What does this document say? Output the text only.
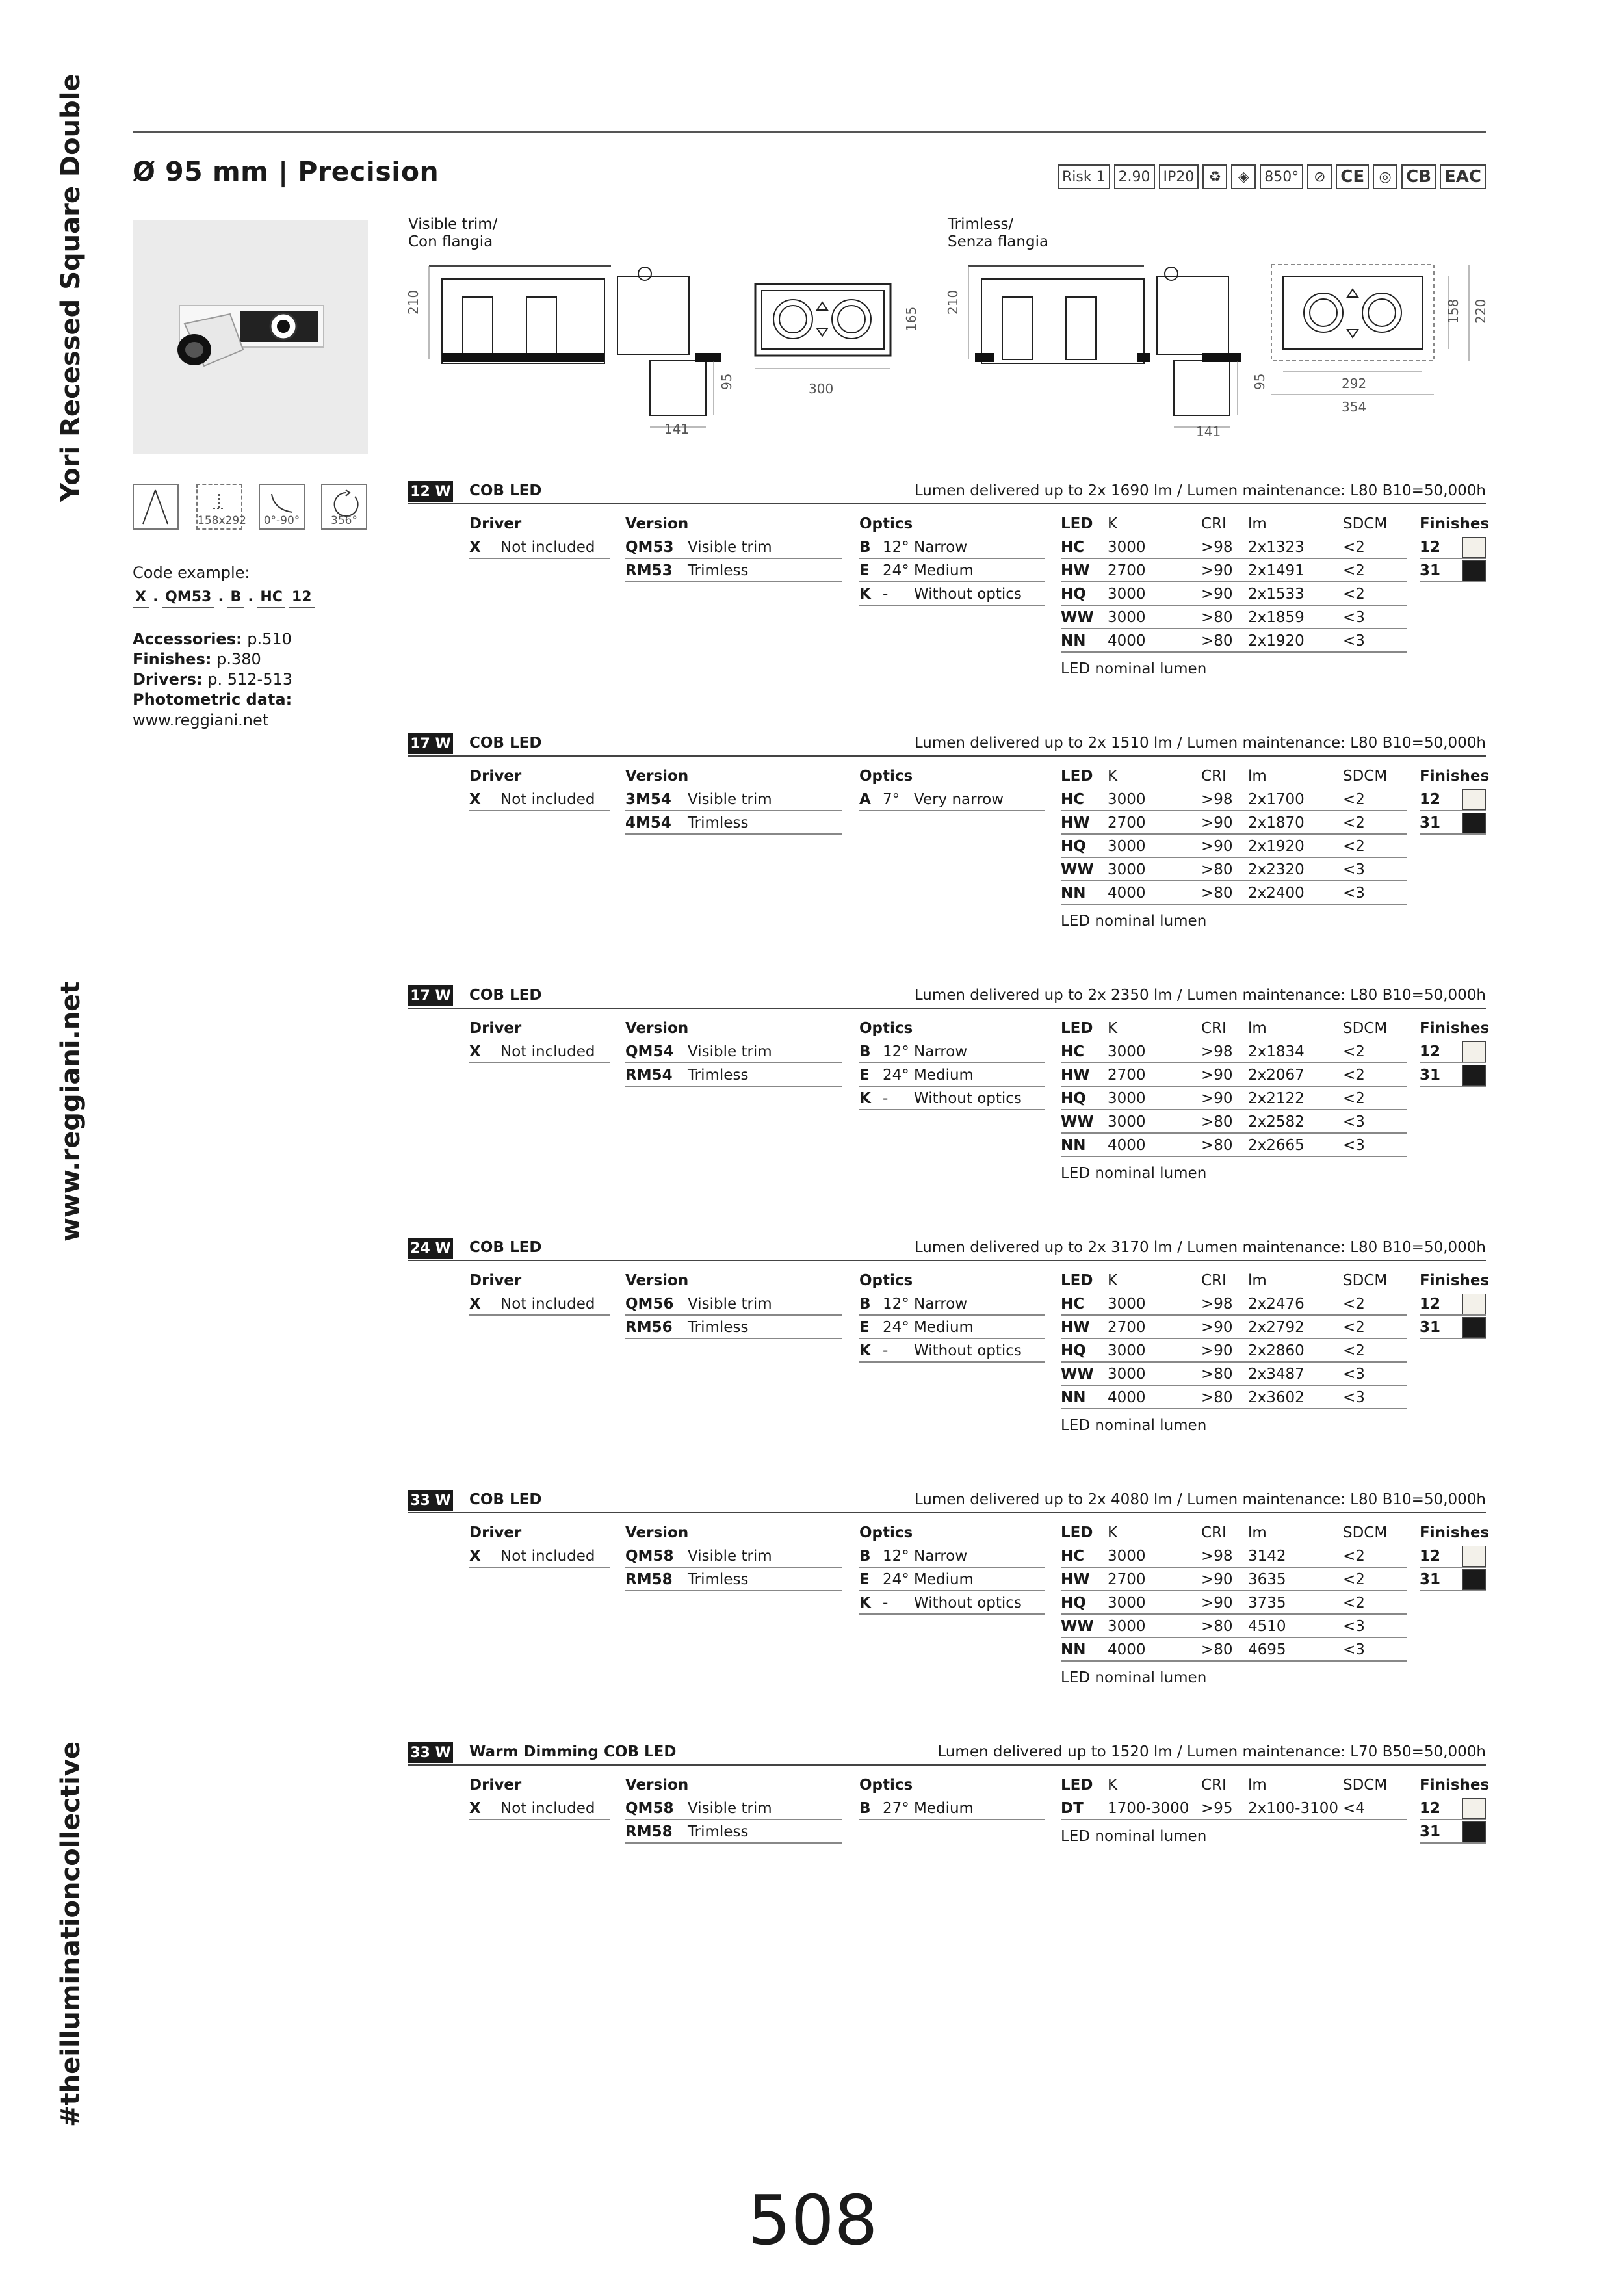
Yori Recessed Square Double
www.reggiani.net
#theilluminationcollective
Ø 95 mm | Precision	Risk 1 2.90 IP20	♻	◈	850°	⊘ CE	◎ CB EAC
158x292	0°-90°	356°
Code example:
X . QM53 . B . HC 12
Accessories: p.510
Finishes: p.380
Drivers: p. 512-513
Photometric data:
www.reggiani.net
Visible trim/
Con flangia
Trimless/
Senza flangia
210
95
141
300
165
210
95
141
292
354
158 220
12 W COB LED	Lumen delivered up to 2x 1690 lm / Lumen maintenance: L80 B10=50,000h
Driver
X Not included
Version
QM53 Visible trim
RM53 Trimless
Optics
B 12° Narrow
E 24° Medium
K - Without optics
LED K	CRI lm	SDCM
HC 3000	>98 2x1323	<2
HW 2700	>90 2x1491	<2
HQ 3000	>90 2x1533	<2
WW 3000	>80 2x1859	<3
NN 4000	>80 2x1920	<3
LED nominal lumen
Finishes
12
31
17 W COB LED	Lumen delivered up to 2x 1510 lm / Lumen maintenance: L80 B10=50,000h
Driver
X Not included
Version
3M54 Visible trim
4M54 Trimless
Optics
A 7° Very narrow
LED K	CRI lm	SDCM
HC 3000	>98 2x1700	<2
HW 2700	>90 2x1870	<2
HQ 3000	>90 2x1920	<2
WW 3000	>80 2x2320	<3
NN 4000	>80 2x2400	<3
LED nominal lumen
Finishes
12
31
17 W COB LED	Lumen delivered up to 2x 2350 lm / Lumen maintenance: L80 B10=50,000h
Driver
X Not included
Version
QM54 Visible trim
RM54 Trimless
Optics
B 12° Narrow
E 24° Medium
K - Without optics
LED K	CRI lm	SDCM
HC 3000	>98 2x1834	<2
HW 2700	>90 2x2067	<2
HQ 3000	>90 2x2122	<2
WW 3000	>80 2x2582	<3
NN 4000	>80 2x2665	<3
LED nominal lumen
Finishes
12
31
24 W COB LED	Lumen delivered up to 2x 3170 lm / Lumen maintenance: L80 B10=50,000h
Driver
X Not included
Version
QM56 Visible trim
RM56 Trimless
Optics
B 12° Narrow
E 24° Medium
K - Without optics
LED K	CRI lm	SDCM
HC 3000	>98 2x2476	<2
HW 2700	>90 2x2792	<2
HQ 3000	>90 2x2860	<2
WW 3000	>80 2x3487	<3
NN 4000	>80 2x3602	<3
LED nominal lumen
Finishes
12
31
33 W COB LED	Lumen delivered up to 2x 4080 lm / Lumen maintenance: L80 B10=50,000h
Driver
X Not included
Version
QM58 Visible trim
RM58 Trimless
Optics
B 12° Narrow
E 24° Medium
K - Without optics
LED K	CRI lm	SDCM
HC 3000	>98 3142	<2
HW 2700	>90 3635	<2
HQ 3000	>90 3735	<2
WW 3000	>80 4510	<3
NN 4000	>80 4695	<3
LED nominal lumen
Finishes
12
31
33 W Warm Dimming COB LED	Lumen delivered up to 1520 lm / Lumen maintenance: L70 B50=50,000h
Driver
X Not included
Version
QM58 Visible trim
RM58 Trimless
Optics
B 27° Medium
LED K	CRI lm	SDCM
DT 1700-3000 >95 2x100-3100 <4
LED nominal lumen
Finishes
12
31
508
